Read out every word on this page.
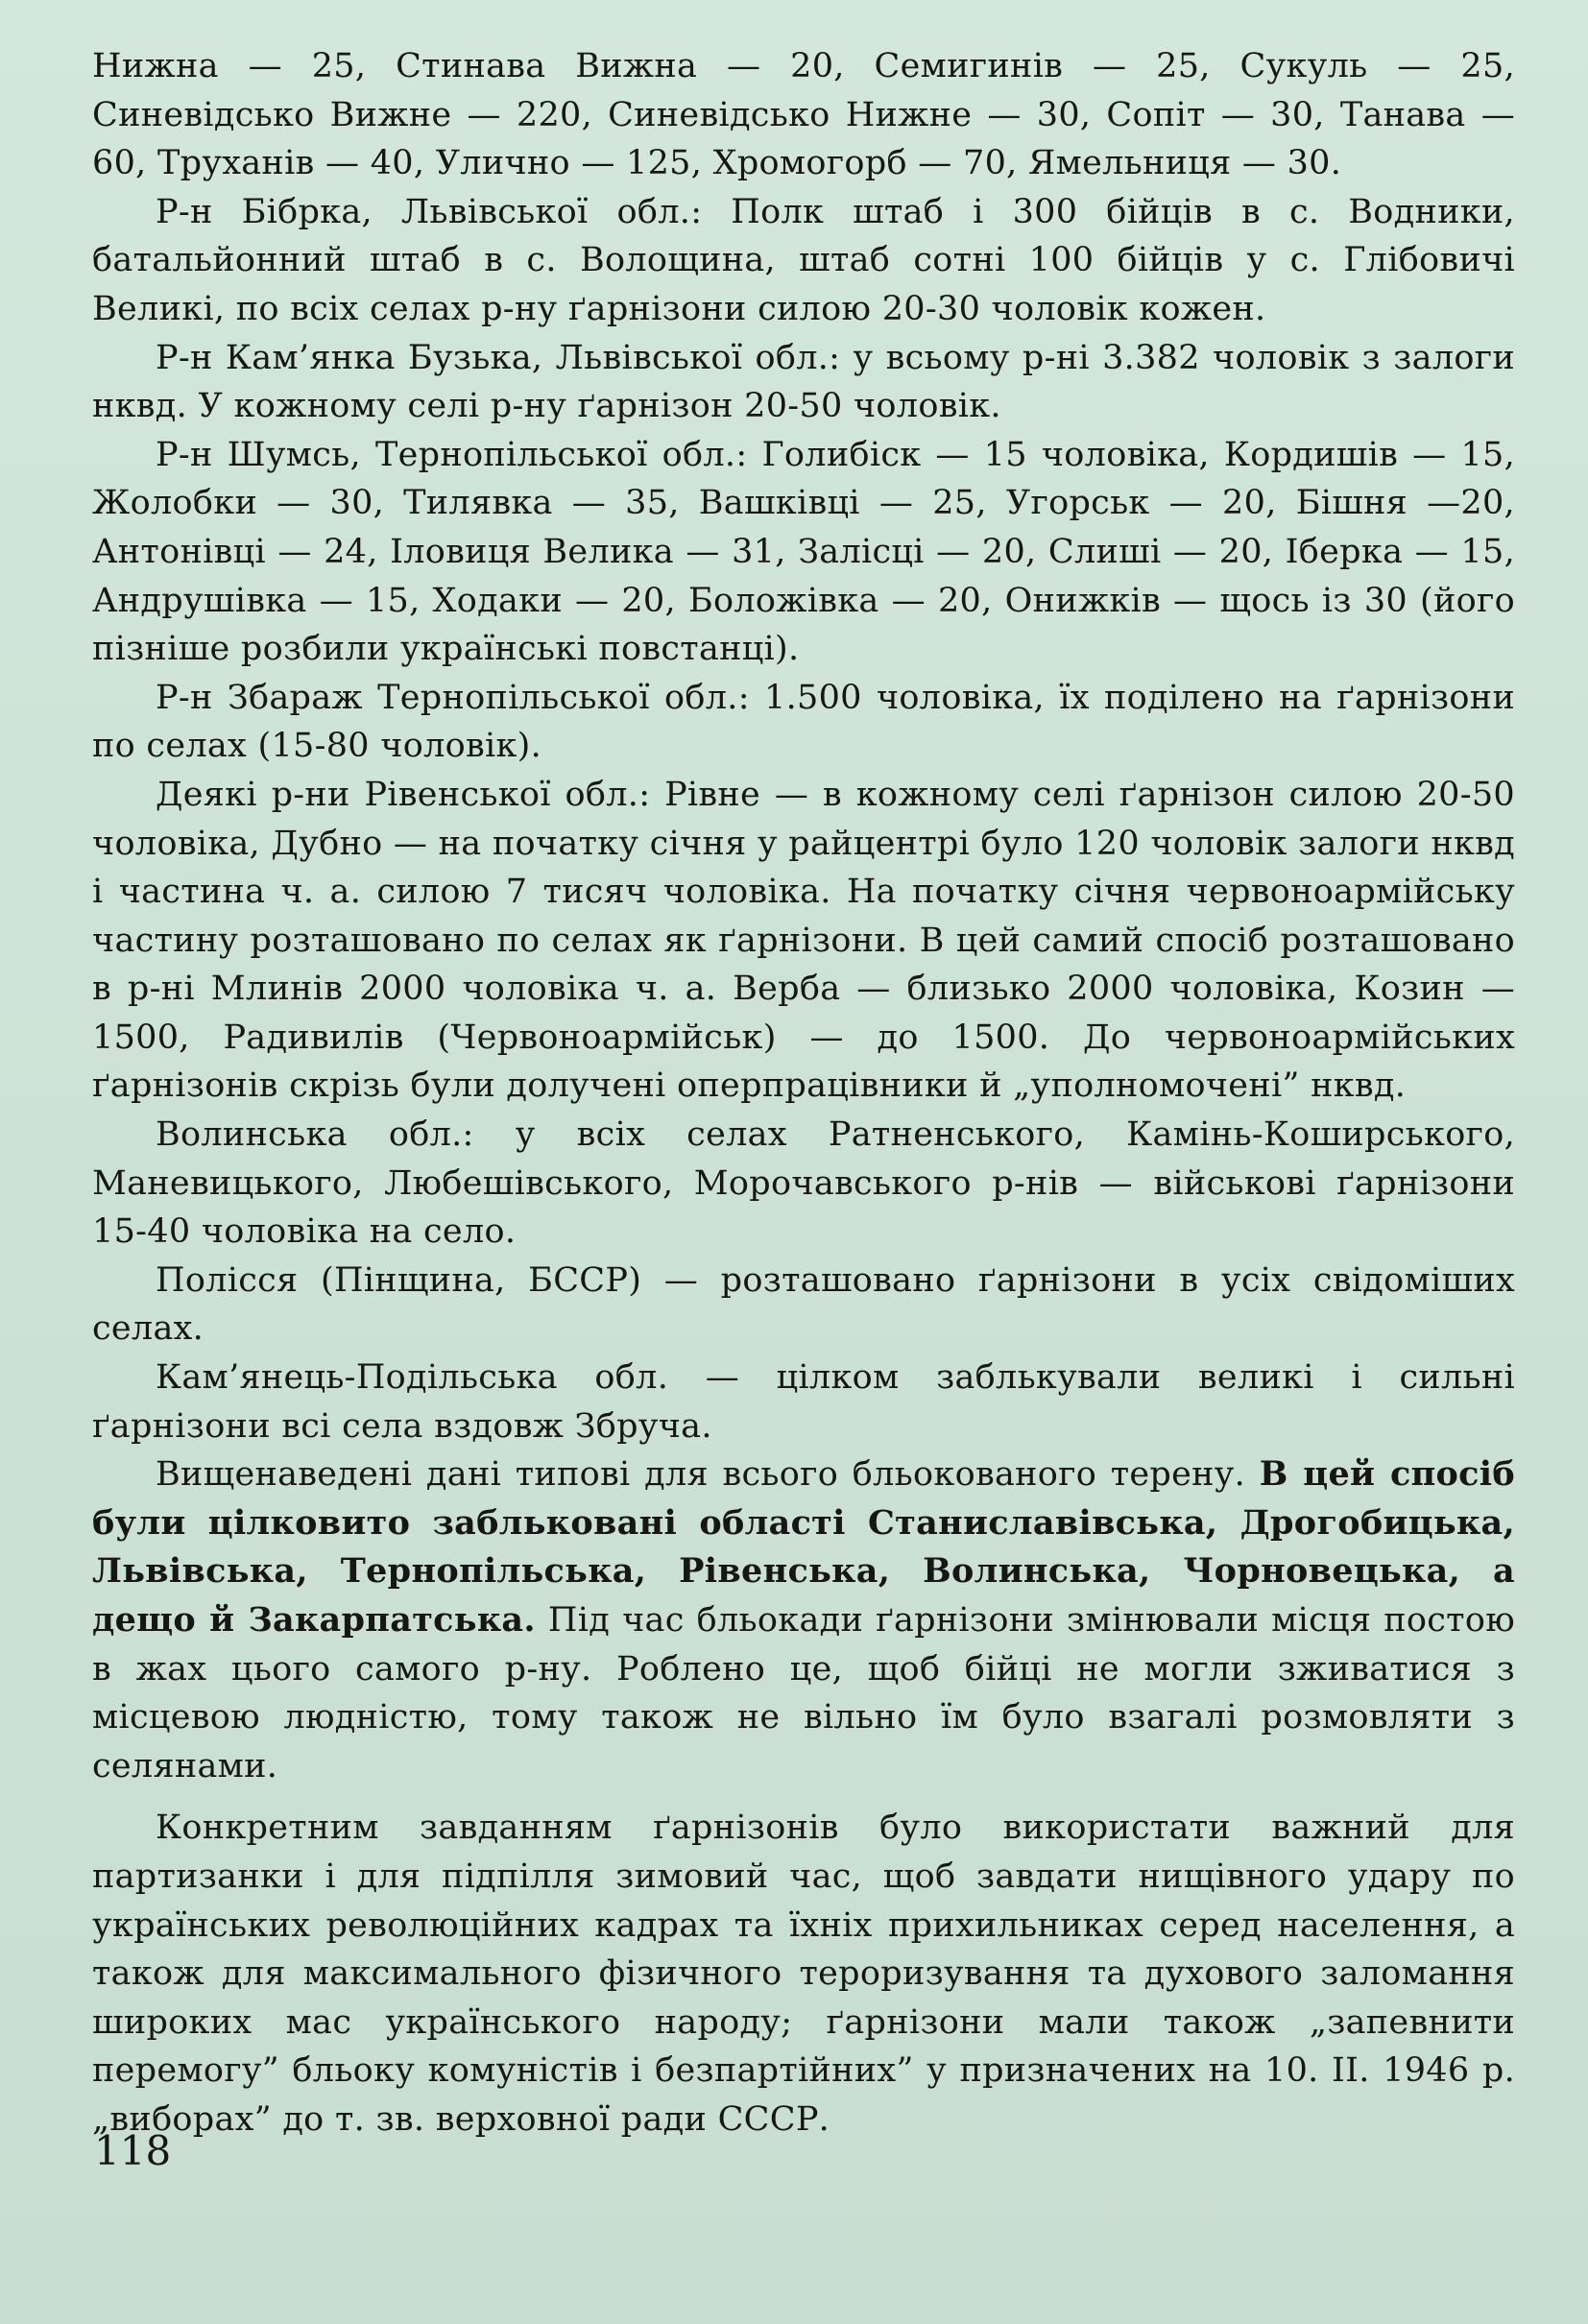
Нижна — 25, Стинава Вижна — 20, Семигинів — 25, Сукуль — 25, Синевідсько Вижне — 220, Синевідсько Нижне — 30, Сопіт — 30, Танава — 60, Труханів — 40, Улично — 125, Хромогорб — 70, Ямельниця — 30.

Р-н Бібрка, Львівської обл.: Полк штаб і 300 бійців в с. Водники, батальйонний штаб в с. Волощина, штаб сотні 100 бійців у с. Глібовичі Великі, по всіх селах р-ну ґарнізони силою 20-30 чоловік кожен.

Р-н Кам’янка Бузька, Львівської обл.: у всьому р-ні 3.382 чоловік з залоги нквд. У кожному селі р-ну ґарнізон 20-50 чоловік.

Р-н Шумсь, Тернопільської обл.: Голибіск — 15 чоловіка, Кордишів — 15, Жолобки — 30, Тилявка — 35, Вашківці — 25, Угорськ — 20, Бішня —20, Антонівці — 24, Іловиця Велика — 31, Залісці — 20, Слиші — 20, Іберка — 15, Андрушівка — 15, Ходаки — 20, Боложівка — 20, Онижків — щось із 30 (його пізніше розбили українські повстанці).

Р-н Збараж Тернопільської обл.: 1.500 чоловіка, їх поділено на ґарнізони по селах (15-80 чоловік).

Деякі р-ни Рівенської обл.: Рівне — в кожному селі ґарнізон силою 20-50 чоловіка, Дубно — на початку січня у райцентрі було 120 чоловік залоги нквд і частина ч. а. силою 7 тисяч чоловіка. На початку січня червоноармійську частину розташовано по селах як ґарнізони. В цей самий спосіб розташовано в р-ні Млинів 2000 чоловіка ч. а. Верба — близько 2000 чоловіка, Козин — 1500, Радивилів (Червоноармійськ) — до 1500. До червоноармійських ґарнізонів скрізь були долучені оперпрацівники й „уполномочені” нквд.

Волинська обл.: у всіх селах Ратненського, Камінь-Коширського, Маневицького, Любешівського, Морочавського р-нів — військові ґарнізони 15-40 чоловіка на село.

Полісся (Пінщина, БССР) — розташовано ґарнізони в усіх свідоміших селах.

Кам’янець-Подільська обл. — цілком заблькували великі і сильні ґарнізони всі села вздовж Збруча.

Вищенаведені дані типові для всього бльокованого терену. В цей спосіб були цілковито заблькoвані області Станиславівська, Дрогобицька, Львівська, Тернопільська, Рівенська, Волинська, Чорновецька, а дещо й Закарпатська. Під час бльокади ґарнізони змінювали місця постою в жах цього самого р-ну. Роблено це, щоб бійці не могли зживатися з місцевою людністю, тому також не вільно їм було взагалі розмовляти з селянами.

Конкретним завданням ґарнізонів було використати важний для партизанки і для підпілля зимовий час, щоб завдати нищівного удару по українських революційних кадрах та їхніх прихильниках серед населення, а також для максимального фізичного тероризування та духового заломання широких мас українського народу; ґарнізони мали також „запевнити перемогу” бльоку комуністів і безпартійних” у призначених на 10. II. 1946 р. „виборах” до т. зв. верховної ради СССР.

118
